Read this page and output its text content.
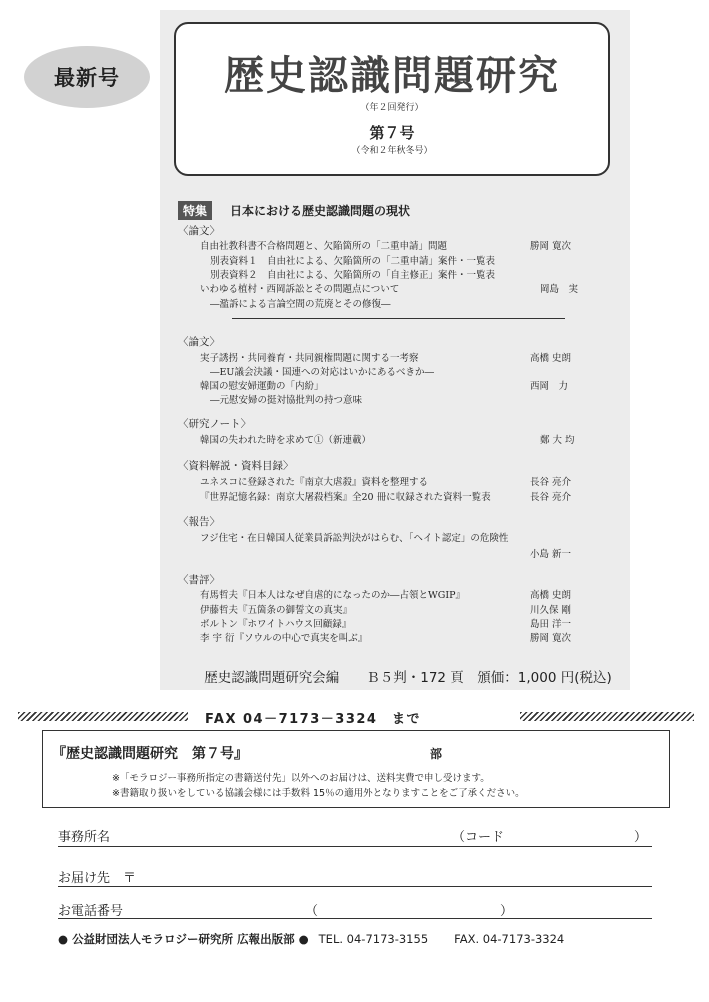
最新号	歴史認識問題研究
（年２回発行）
第７号
（令和２年秋冬号）
特集	日本における歴史認識問題の現状
〈論文〉
自由社教科書不合格問題と、欠陥箇所の「二重申請」問題	勝岡 寛次
別表資料１　自由社による、欠陥箇所の「二重申請」案件・一覧表
別表資料２　自由社による、欠陥箇所の「自主修正」案件・一覧表
いわゆる植村・西岡訴訟とその問題点について	岡島　実
―濫訴による言論空間の荒廃とその修復―
〈論文〉
実子誘拐・共同養育・共同親権問題に関する一考察	高橋 史朗
―EU議会決議・国連への対応はいかにあるべきか―
韓国の慰安婦運動の「内紛」	西岡　力
―元慰安婦の挺対協批判の持つ意味
〈研究ノート〉
韓国の失われた時を求めて①（新連載）	鄭 大 均
〈資料解説・資料目録〉
ユネスコに登録された『南京大虐殺』資料を整理する	長谷 亮介
『世界記憶名録：南京大屠殺档案』全20 冊に収録された資料一覧表	長谷 亮介
〈報告〉
フジ住宅・在日韓国人従業員訴訟判決がはらむ、「ヘイト認定」の危険性
小島 新一
〈書評〉
有馬哲夫『日本人はなぜ自虐的になったのか―占領とWGIP』	高橋 史朗
伊藤哲夫『五箇条の御誓文の真実』	川久保 剛
ボルトン『ホワイトハウス回顧録』	島田 洋一
李 宇 衍『ソウルの中心で真実を叫ぶ』	勝岡 寛次
歴史認識問題研究会編　　Ｂ５判・172 頁　頒価：1,000 円(税込)
FAX 04－7173－3324　まで
『歴史認識問題研究　第７号』	部
※「モラロジー事務所指定の書籍送付先」以外へのお届けは、送料実費で申し受けます。
※書籍取り扱いをしている協議会様には手数料 15％の適用外となりますことをご了承ください。
事務所名	（コード　　　　　　　　　　）
お届け先　〒
お電話番号	（　　　　　　　　　　　　　　）
● 公益財団法人モラロジー研究所 広報出版部 ● TEL. 04-7173-3155 FAX. 04-7173-3324
